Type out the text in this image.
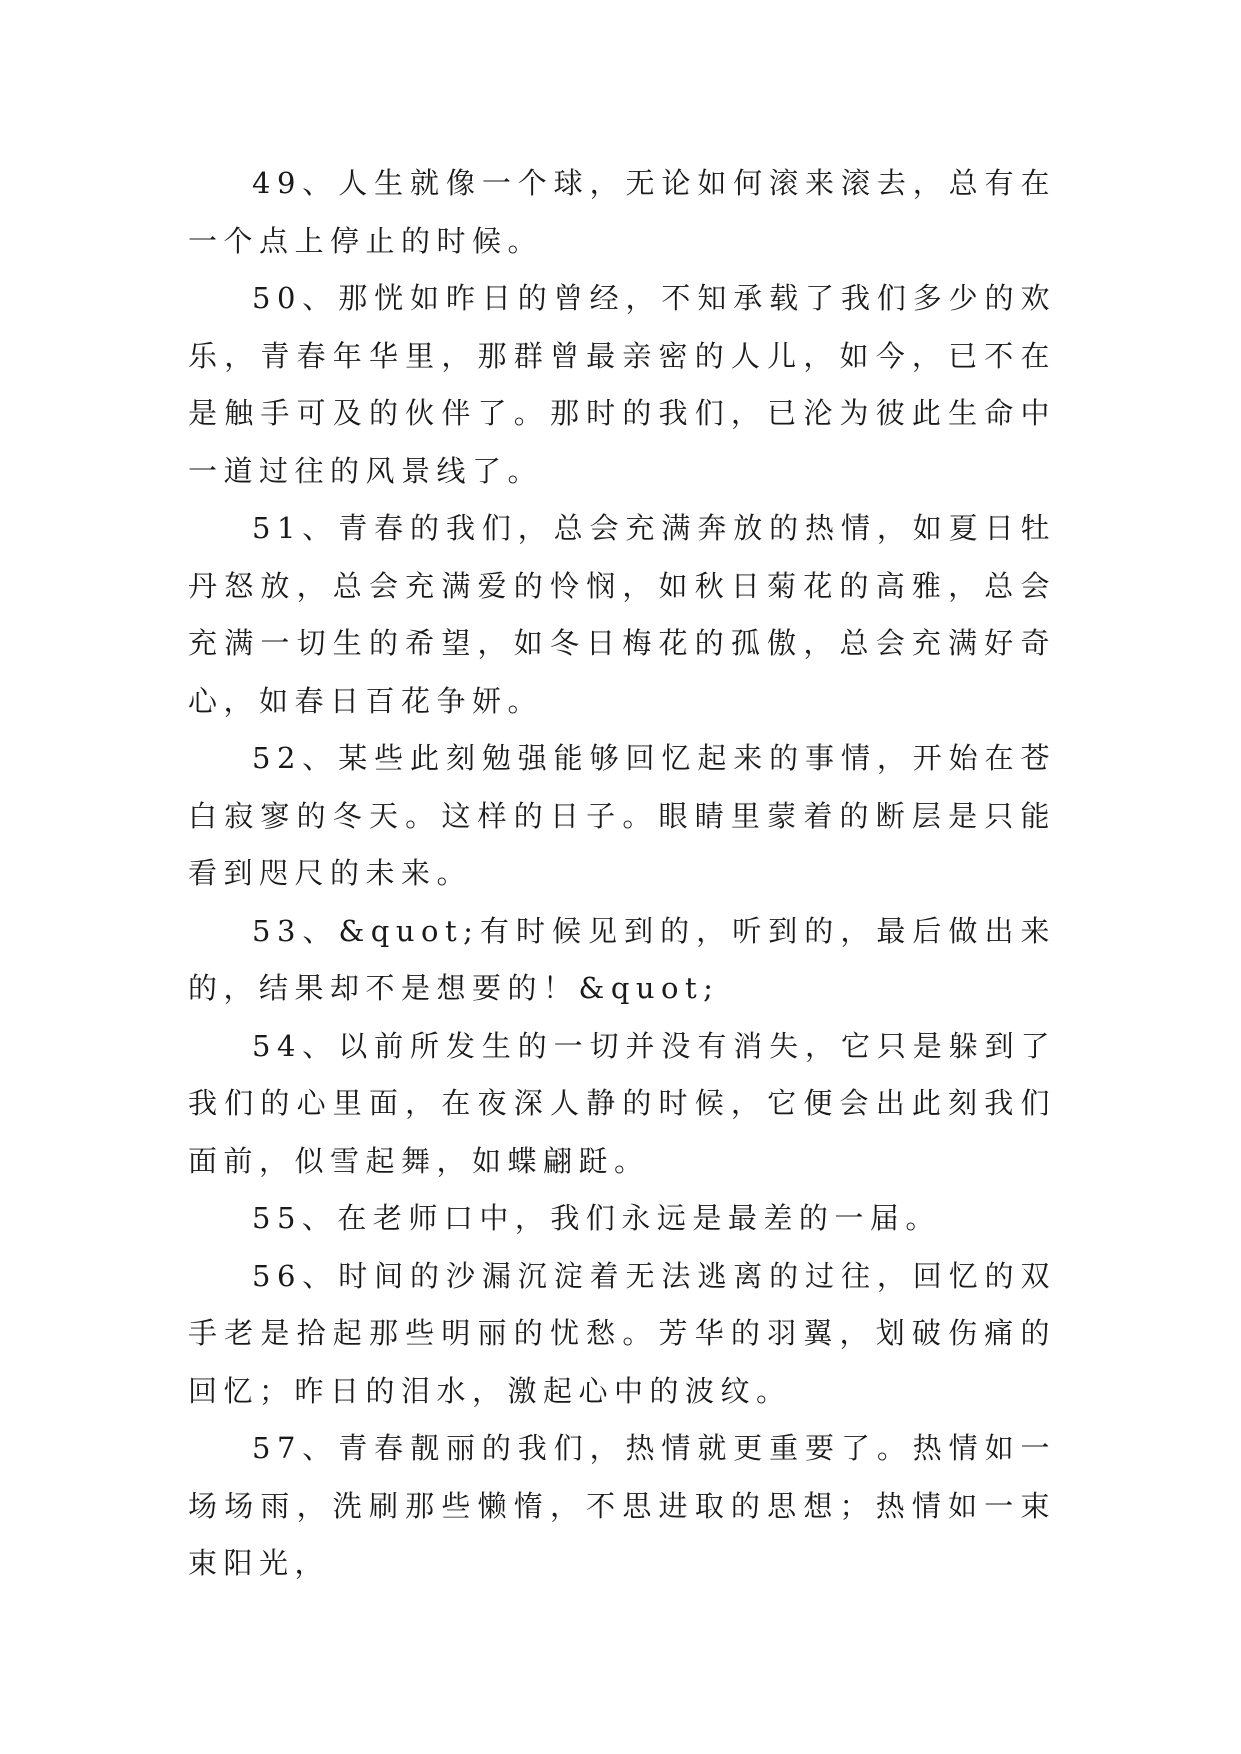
49、人生就像一个球，无论如何滚来滚去，总有在一个点上停止的时候。

50、那恍如昨日的曾经，不知承载了我们多少的欢乐，青春年华里，那群曾最亲密的人儿，如今，已不在是触手可及的伙伴了。那时的我们，已沦为彼此生命中一道过往的风景线了。

51、青春的我们，总会充满奔放的热情，如夏日牡丹怒放，总会充满爱的怜悯，如秋日菊花的高雅，总会充满一切生的希望，如冬日梅花的孤傲，总会充满好奇心，如春日百花争妍。

52、某些此刻勉强能够回忆起来的事情，开始在苍白寂寥的冬天。这样的日子。眼睛里蒙着的断层是只能看到咫尺的未来。

53、&quot;有时候见到的，听到的，最后做出来的，结果却不是想要的！&quot;

54、以前所发生的一切并没有消失，它只是躲到了我们的心里面，在夜深人静的时候，它便会出此刻我们面前，似雪起舞，如蝶翩跹。

55、在老师口中，我们永远是最差的一届。

56、时间的沙漏沉淀着无法逃离的过往，回忆的双手老是拾起那些明丽的忧愁。芳华的羽翼，划破伤痛的回忆；昨日的泪水，激起心中的波纹。

57、青春靓丽的我们，热情就更重要了。热情如一场场雨，洗刷那些懒惰，不思进取的思想；热情如一束束阳光，
